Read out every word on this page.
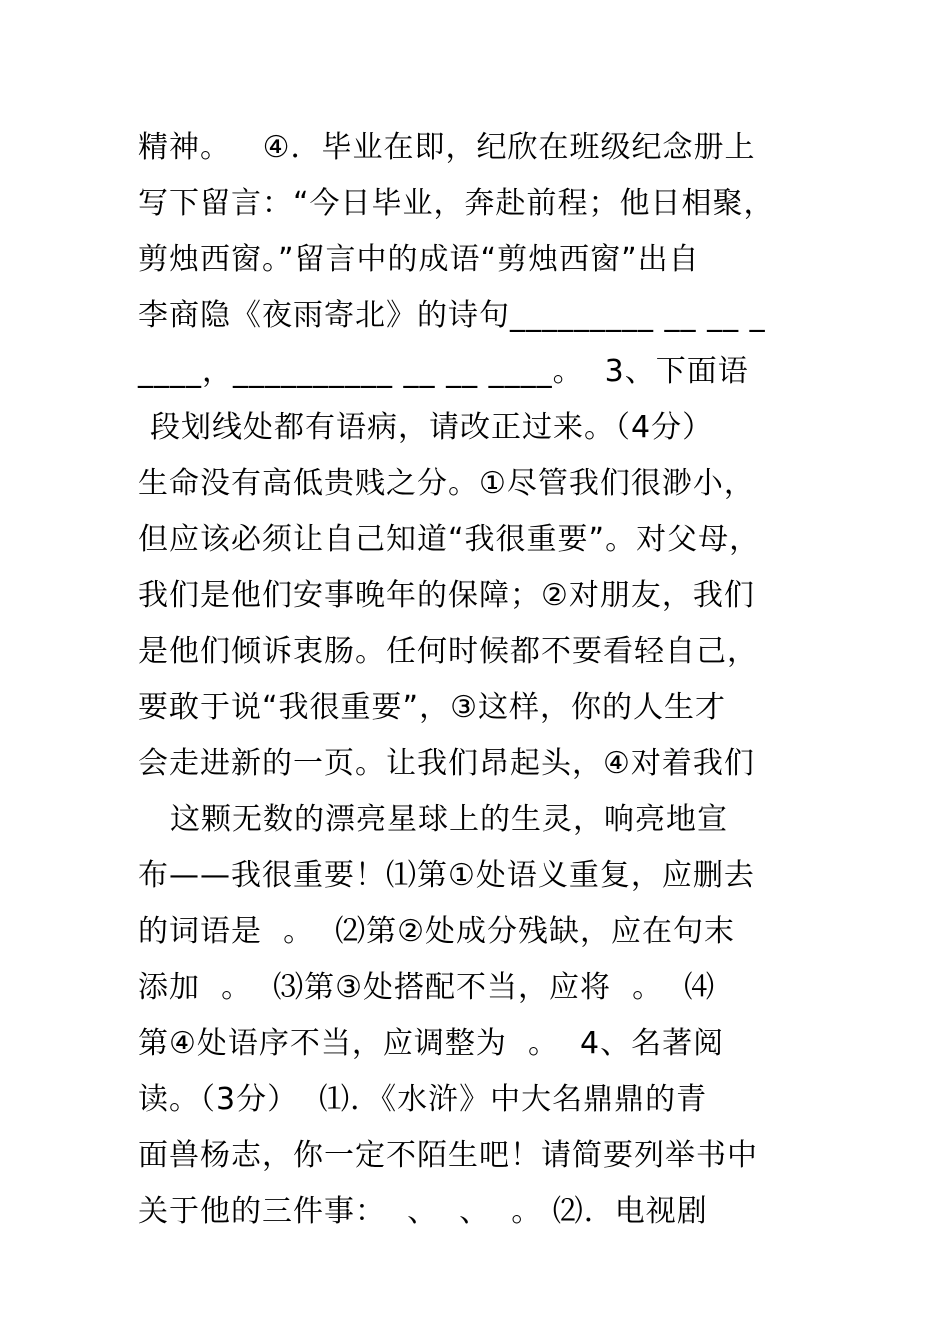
精神。   ④．毕业在即，纪欣在班级纪念册上
写下留言：“今日毕业，奔赴前程；他日相聚，
剪烛西窗。”留言中的成语“剪烛西窗”出自
李商隐《夜雨寄北》的诗句_________ __ __ _
____，__________ __ __ ____。  3、下面语
段划线处都有语病，请改正过来。（4分）
生命没有高低贵贱之分。①尽管我们很渺小，
但应该必须让自己知道“我很重要”。对父母，
我们是他们安事晚年的保障；②对朋友，我们
是他们倾诉衷肠。任何时候都不要看轻自己，
要敢于说“我很重要”，③这样，你的人生才
会走进新的一页。让我们昂起头，④对着我们
这颗无数的漂亮星球上的生灵，响亮地宣
布——我很重要！⑴第①处语义重复，应删去
的词语是  。  ⑵第②处成分残缺，应在句末
添加  。  ⑶第③处搭配不当，应将  。  ⑷
第④处语序不当，应调整为  。  4、名著阅
读。（3分）  ⑴．《水浒》中大名鼎鼎的青
面兽杨志，你一定不陌生吧！请简要列举书中
关于他的三件事：  、  、  。 ⑵．电视剧
